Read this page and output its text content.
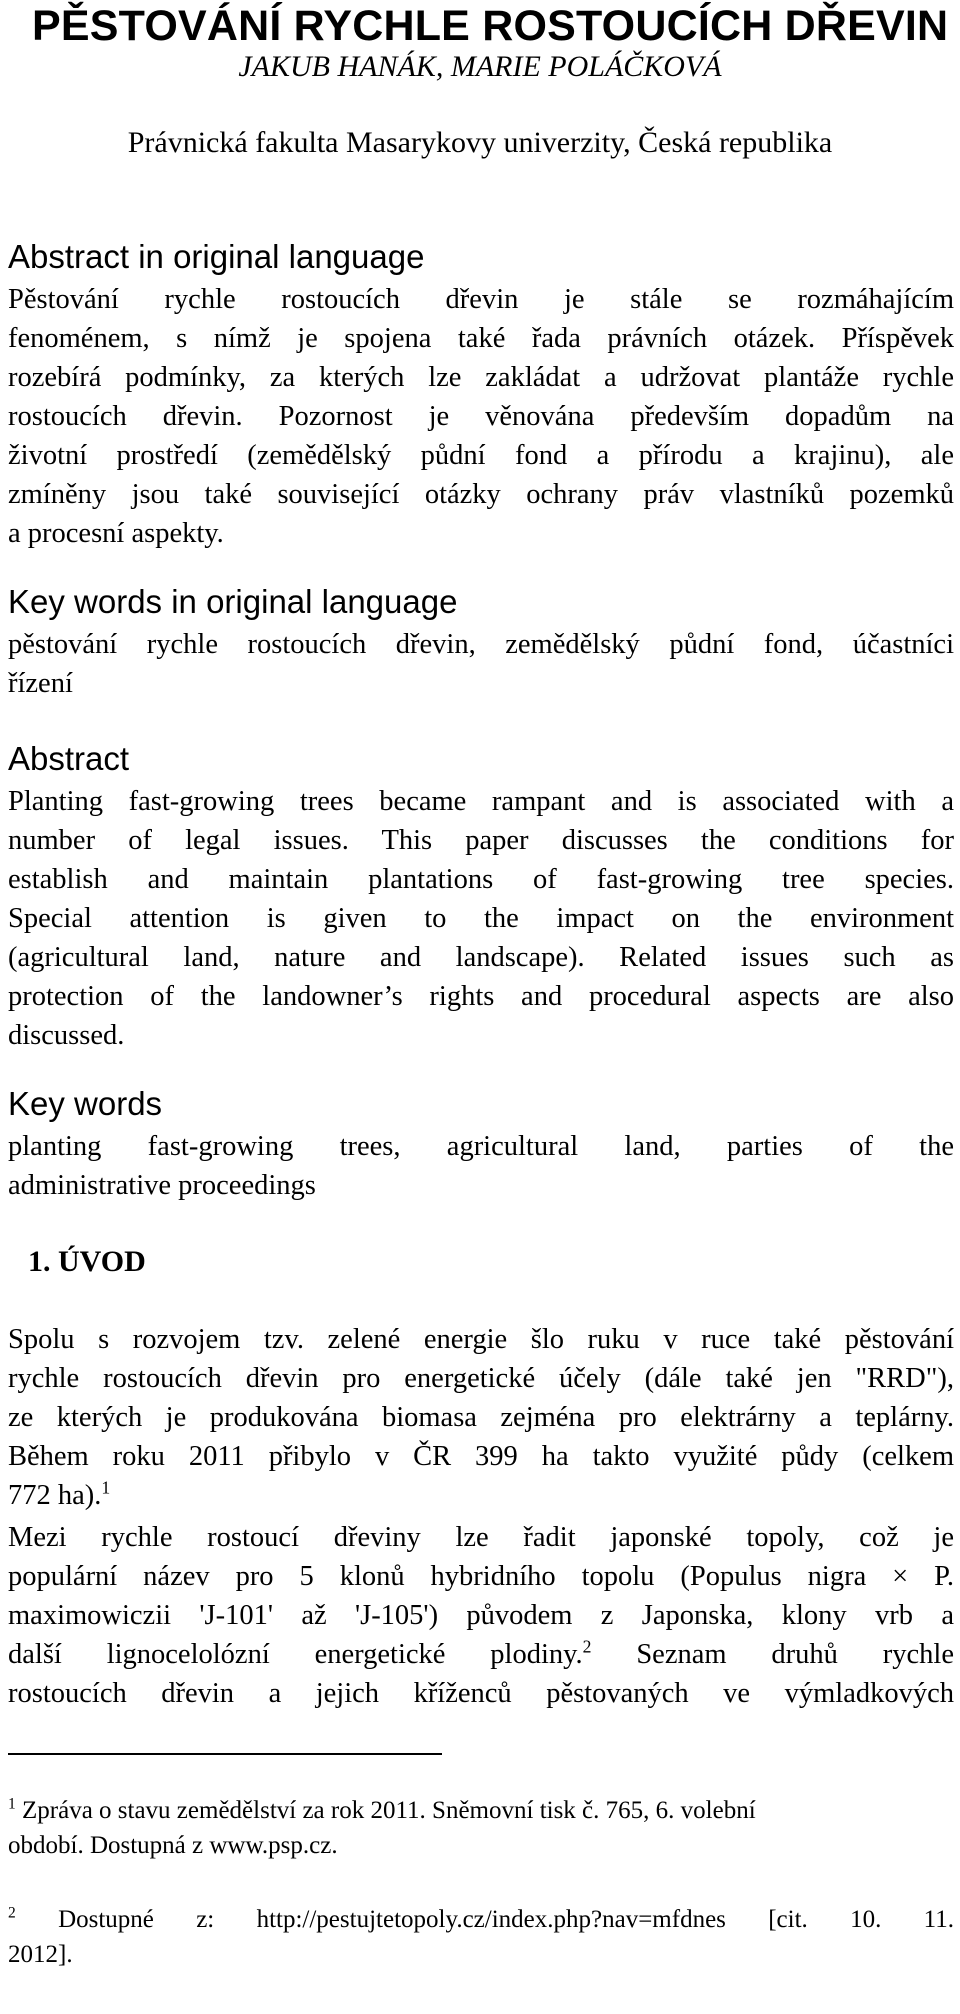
PĚSTOVÁNÍ RYCHLE ROSTOUCÍCH DŘEVIN
JAKUB HANÁK, MARIE POLÁČKOVÁ
Právnická fakulta Masarykovy univerzity, Česká republika
Abstract in original language
Pěstování rychle rostoucích dřevin je stále se rozmáhajícím
fenoménem, s nímž je spojena také řada právních otázek. Příspěvek
rozebírá podmínky, za kterých lze zakládat a udržovat plantáže rychle
rostoucích dřevin. Pozornost je věnována především dopadům na
životní prostředí (zemědělský půdní fond a přírodu a krajinu), ale
zmíněny jsou také související otázky ochrany práv vlastníků pozemků
a procesní aspekty.
Key words in original language
pěstování rychle rostoucích dřevin, zemědělský půdní fond, účastníci
řízení
Abstract
Planting fast-growing trees became rampant and is associated with a
number of legal issues. This paper discusses the conditions for
establish and maintain plantations of fast-growing tree species.
Special attention is given to the impact on the environment
(agricultural land, nature and landscape). Related issues such as
protection of the landowner’s rights and procedural aspects are also
discussed.
Key words
planting fast-growing trees, agricultural land, parties of the
administrative proceedings
1. ÚVOD
Spolu s rozvojem tzv. zelené energie šlo ruku v ruce také pěstování
rychle rostoucích dřevin pro energetické účely (dále také jen "RRD"),
ze kterých je produkována biomasa zejména pro elektrárny a teplárny.
Během roku 2011 přibylo v ČR 399 ha takto využité půdy (celkem
772 ha).$^1$
Mezi rychle rostoucí dřeviny lze řadit japonské topoly, což je
populární název pro 5 klonů hybridního topolu (Populus nigra × P.
maximowiczii 'J-101' až 'J-105') původem z Japonska, klony vrb a
další lignocelolózní energetické plodiny.$^2$ Seznam druhů rychle
rostoucích dřevin a jejich kříženců pěstovaných ve výmladkových
$^1$ Zpráva o stavu zemědělství za rok 2011. Sněmovní tisk č. 765, 6. volební
období. Dostupná z www.psp.cz.
$^2$ Dostupné z: http://pestujtetopoly.cz/index.php?nav=mfdnes [cit. 10. 11.
2012].
